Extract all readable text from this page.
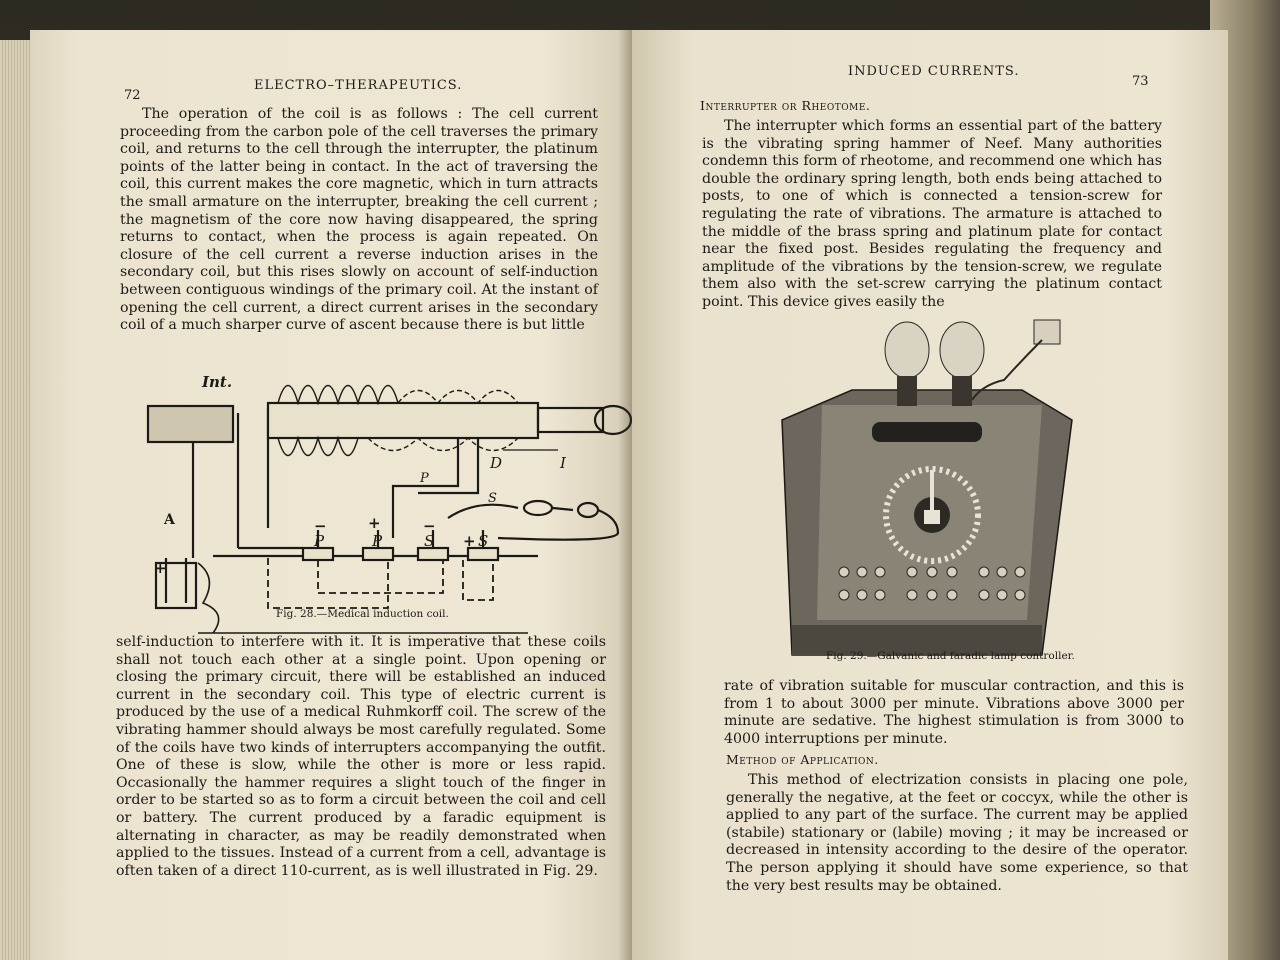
72
ELECTRO–THERAPEUTICS.

The operation of the coil is as follows : The cell current proceeding from the carbon pole of the cell traverses the primary coil, and returns to the cell through the interrupter, the platinum points of the latter being in contact. In the act of traversing the coil, this current makes the core magnetic, which in turn attracts the small armature on the interrupter, breaking the cell current ; the magnetism of the core now having disappeared, the spring returns to contact, when the process is again repeated. On closure of the cell current a reverse induction arises in the secondary coil, but this rises slowly on account of self-induction between contiguous windings of the primary coil. At the instant of opening the cell current, a direct current arises in the secondary coil of a much sharper curve of ascent because there is but little

Int.
A
+
−
P
+
P
−
S + S
P
S
D	I
Fig. 28.—Medical induction coil.

self-induction to interfere with it. It is imperative that these coils shall not touch each other at a single point. Upon opening or closing the primary circuit, there will be established an induced current in the secondary coil. This type of electric current is produced by the use of a medical Ruhmkorff coil. The screw of the vibrating hammer should always be most carefully regulated. Some of the coils have two kinds of interrupters accompanying the outfit. One of these is slow, while the other is more or less rapid. Occasionally the hammer requires a slight touch of the finger in order to be started so as to form a circuit between the coil and cell or battery. The current produced by a faradic equipment is alternating in character, as may be readily demonstrated when applied to the tissues. Instead of a current from a cell, advantage is often taken of a direct 110-current, as is well illustrated in Fig. 29.

INDUCED CURRENTS.
73
Interrupter or Rheotome.

The interrupter which forms an essential part of the battery is the vibrating spring hammer of Neef. Many authorities condemn this form of rheotome, and recommend one which has double the ordinary spring length, both ends being attached to posts, to one of which is connected a tension-screw for regulating the rate of vibrations. The armature is attached to the middle of the brass spring and platinum plate for contact near the fixed post. Besides regulating the frequency and amplitude of the vibrations by the tension-screw, we regulate them also with the set-screw carrying the platinum contact point. This device gives easily the

Fig. 29.—Galvanic and faradic lamp controller.

rate of vibration suitable for muscular contraction, and this is from 1 to about 3000 per minute. Vibrations above 3000 per minute are sedative. The highest stimulation is from 3000 to 4000 interruptions per minute.

Method of Application.

This method of electrization consists in placing one pole, generally the negative, at the feet or coccyx, while the other is applied to any part of the surface. The current may be applied (stabile) stationary or (labile) moving ; it may be increased or decreased in intensity according to the desire of the operator. The person applying it should have some experience, so that the very best results may be obtained.
